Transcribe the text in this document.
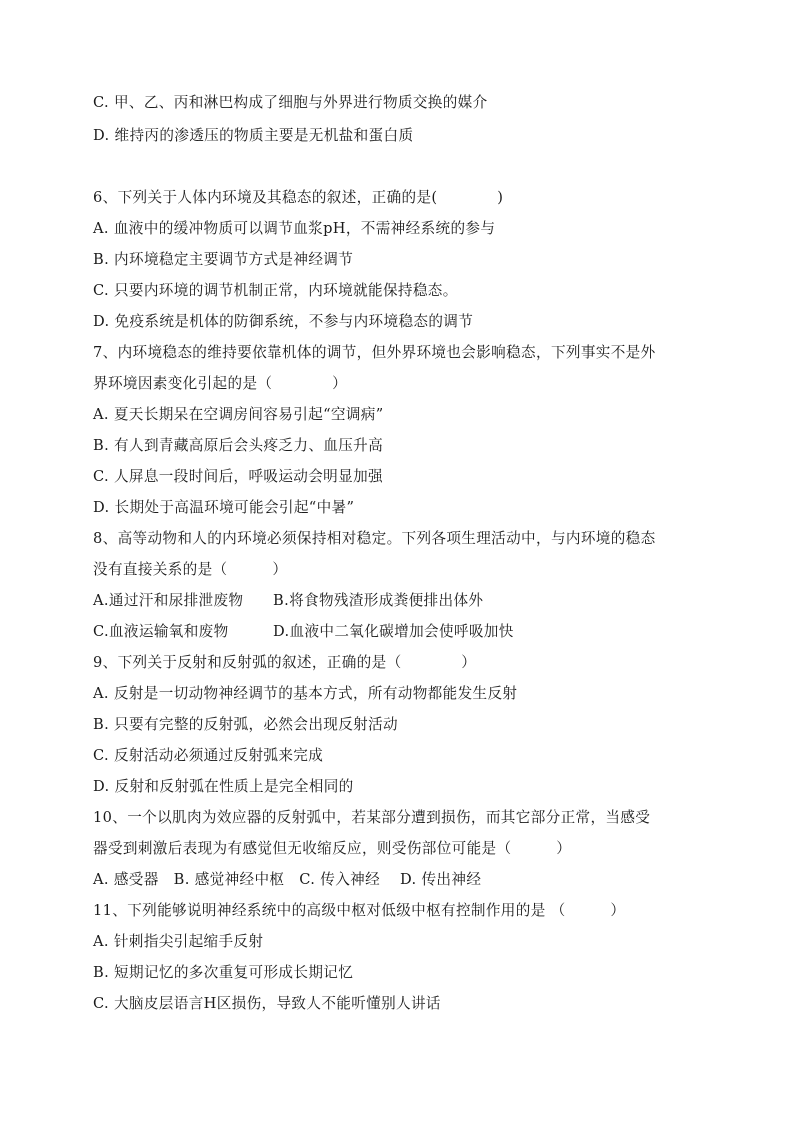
C. 甲、乙、丙和淋巴构成了细胞与外界进行物质交换的媒介
D. 维持丙的渗透压的物质主要是无机盐和蛋白质
6、下列关于人体内环境及其稳态的叙述，正确的是(　　　　)
A. 血液中的缓冲物质可以调节血浆pH，不需神经系统的参与
B. 内环境稳定主要调节方式是神经调节
C. 只要内环境的调节机制正常，内环境就能保持稳态。
D. 免疫系统是机体的防御系统，不参与内环境稳态的调节
7、内环境稳态的维持要依靠机体的调节，但外界环境也会影响稳态，下列事实不是外
界环境因素变化引起的是（　　　　）
A. 夏天长期呆在空调房间容易引起“空调病”
B. 有人到青藏高原后会头疼乏力、血压升高
C. 人屏息一段时间后，呼吸运动会明显加强
D. 长期处于高温环境可能会引起“中暑”
8、高等动物和人的内环境必须保持相对稳定。下列各项生理活动中，与内环境的稳态
没有直接关系的是（　　　）
A.通过汗和尿排泄废物 B.将食物残渣形成粪便排出体外
C.血液运输氧和废物	D.血液中二氧化碳增加会使呼吸加快
9、下列关于反射和反射弧的叙述，正确的是（　　　　）
A. 反射是一切动物神经调节的基本方式，所有动物都能发生反射
B. 只要有完整的反射弧，必然会出现反射活动
C. 反射活动必须通过反射弧来完成
D. 反射和反射弧在性质上是完全相同的
10、一个以肌肉为效应器的反射弧中，若某部分遭到损伤，而其它部分正常，当感受
器受到刺激后表现为有感觉但无收缩反应，则受伤部位可能是（　　　）
A. 感受器　B. 感觉神经中枢　C. 传入神经　 D. 传出神经
11、下列能够说明神经系统中的高级中枢对低级中枢有控制作用的是 （　　　）
A. 针刺指尖引起缩手反射
B. 短期记忆的多次重复可形成长期记忆
C. 大脑皮层语言H区损伤，导致人不能听懂别人讲话
